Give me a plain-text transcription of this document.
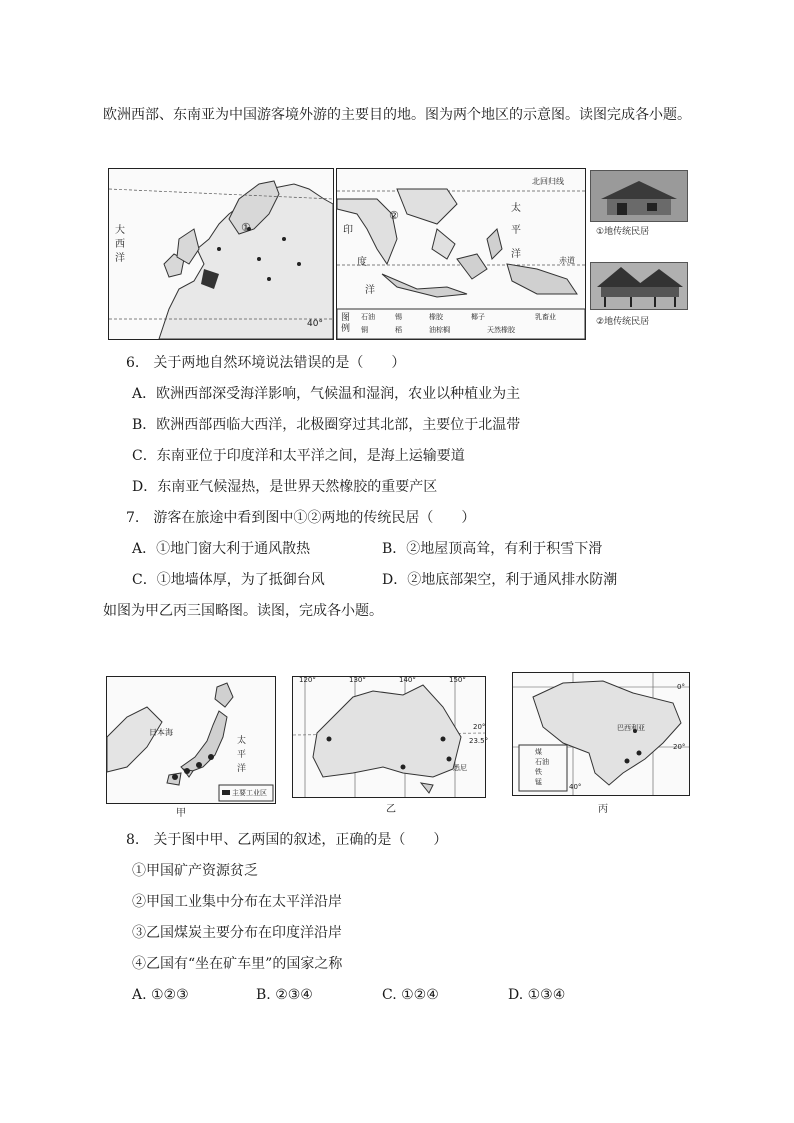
欧洲西部、东南亚为中国游客境外游的主要目的地。图为两个地区的示意图。读图完成各小题。
大
西
洋
①
40°
北回归线
赤道
印
度
洋
太
平
洋
②
图例
石油	锡	橡胶	椰子	乳畜业
铜	稻	油棕榈	天然橡胶
①地传统民居
②地传统民居
6.　关于两地自然环境说法错误的是（　　）
A．欧洲西部深受海洋影响，气候温和湿润，农业以种植业为主
B．欧洲西部西临大西洋，北极圈穿过其北部，主要位于北温带
C．东南亚位于印度洋和太平洋之间，是海上运输要道
D．东南亚气候湿热，是世界天然橡胶的重要产区
7.　游客在旅途中看到图中①②两地的传统民居（　　）
A．①地门窗大利于通风散热	B．②地屋顶高耸，有利于积雪下滑
C．①地墙体厚，为了抵御台风	D．②地底部架空，利于通风排水防潮
如图为甲乙丙三国略图。读图，完成各小题。
日本海
太
平
洋
主要工业区
甲
120°	130°	140°	150°
20°
23.5°
悉尼
乙
巴西利亚
0°
20°
40°
煤
石油
铁
锰
丙
8.　关于图中甲、乙两国的叙述，正确的是（　　）
①甲国矿产资源贫乏
②甲国工业集中分布在太平洋沿岸
③乙国煤炭主要分布在印度洋沿岸
④乙国有“坐在矿车里”的国家之称
A. ①②③	B. ②③④	C. ①②④	D. ①③④
